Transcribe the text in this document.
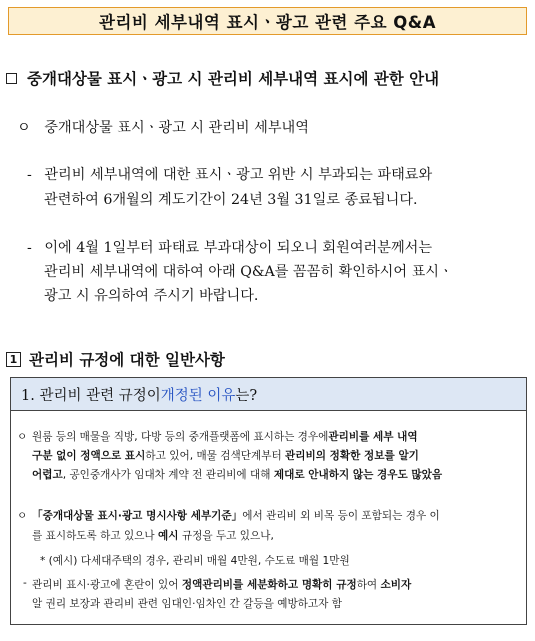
관리비 세부내역 표시ㆍ광고 관련 주요 Q&A
중개대상물 표시ㆍ광고 시 관리비 세부내역 표시에 관한 안내
ㅇ 중개대상물 표시ㆍ광고 시 관리비 세부내역
- 관리비 세부내역에 대한 표시ㆍ광고 위반 시 부과되는 파태료와
관련하여 6개월의 계도기간이 24년 3월 31일로 종료됩니다.
- 이에 4월 1일부터 파태료 부과대상이 되오니 회원여러분께서는
관리비 세부내역에 대하여 아래 Q&A를 꼼꼼히 확인하시어 표시ㆍ
광고 시 유의하여 주시기 바랍니다.
1 관리비 규정에 대한 일반사항
1. 관리비 관련 규정이 개정된 이유 는?
ㅇ 원룸 등의 매물을 직방, 다방 등의 중개플랫폼에 표시하는 경우에관리비를 세부 내역
구분 없이 정액으로 표시하고 있어, 매물 검색단계부터 관리비의 정확한 정보를 알기
어렵고, 공인중개사가 임대차 계약 전 관리비에 대해 제대로 안내하지 않는 경우도 많았음
ㅇ 「중개대상물 표시·광고 명시사항 세부기준」에서 관리비 외 비목 등이 포함되는 경우 이
를 표시하도록 하고 있으나 예시 규정을 두고 있으나,
* (예시) 다세대주택의 경우, 관리비 매월 4만원, 수도료 매월 1만원
- 관리비 표시·광고에 혼란이 있어 정액관리비를 세분화하고 명확히 규정하여 소비자
알 권리 보장과 관리비 관련 임대인·임차인 간 갈등을 예방하고자 함
